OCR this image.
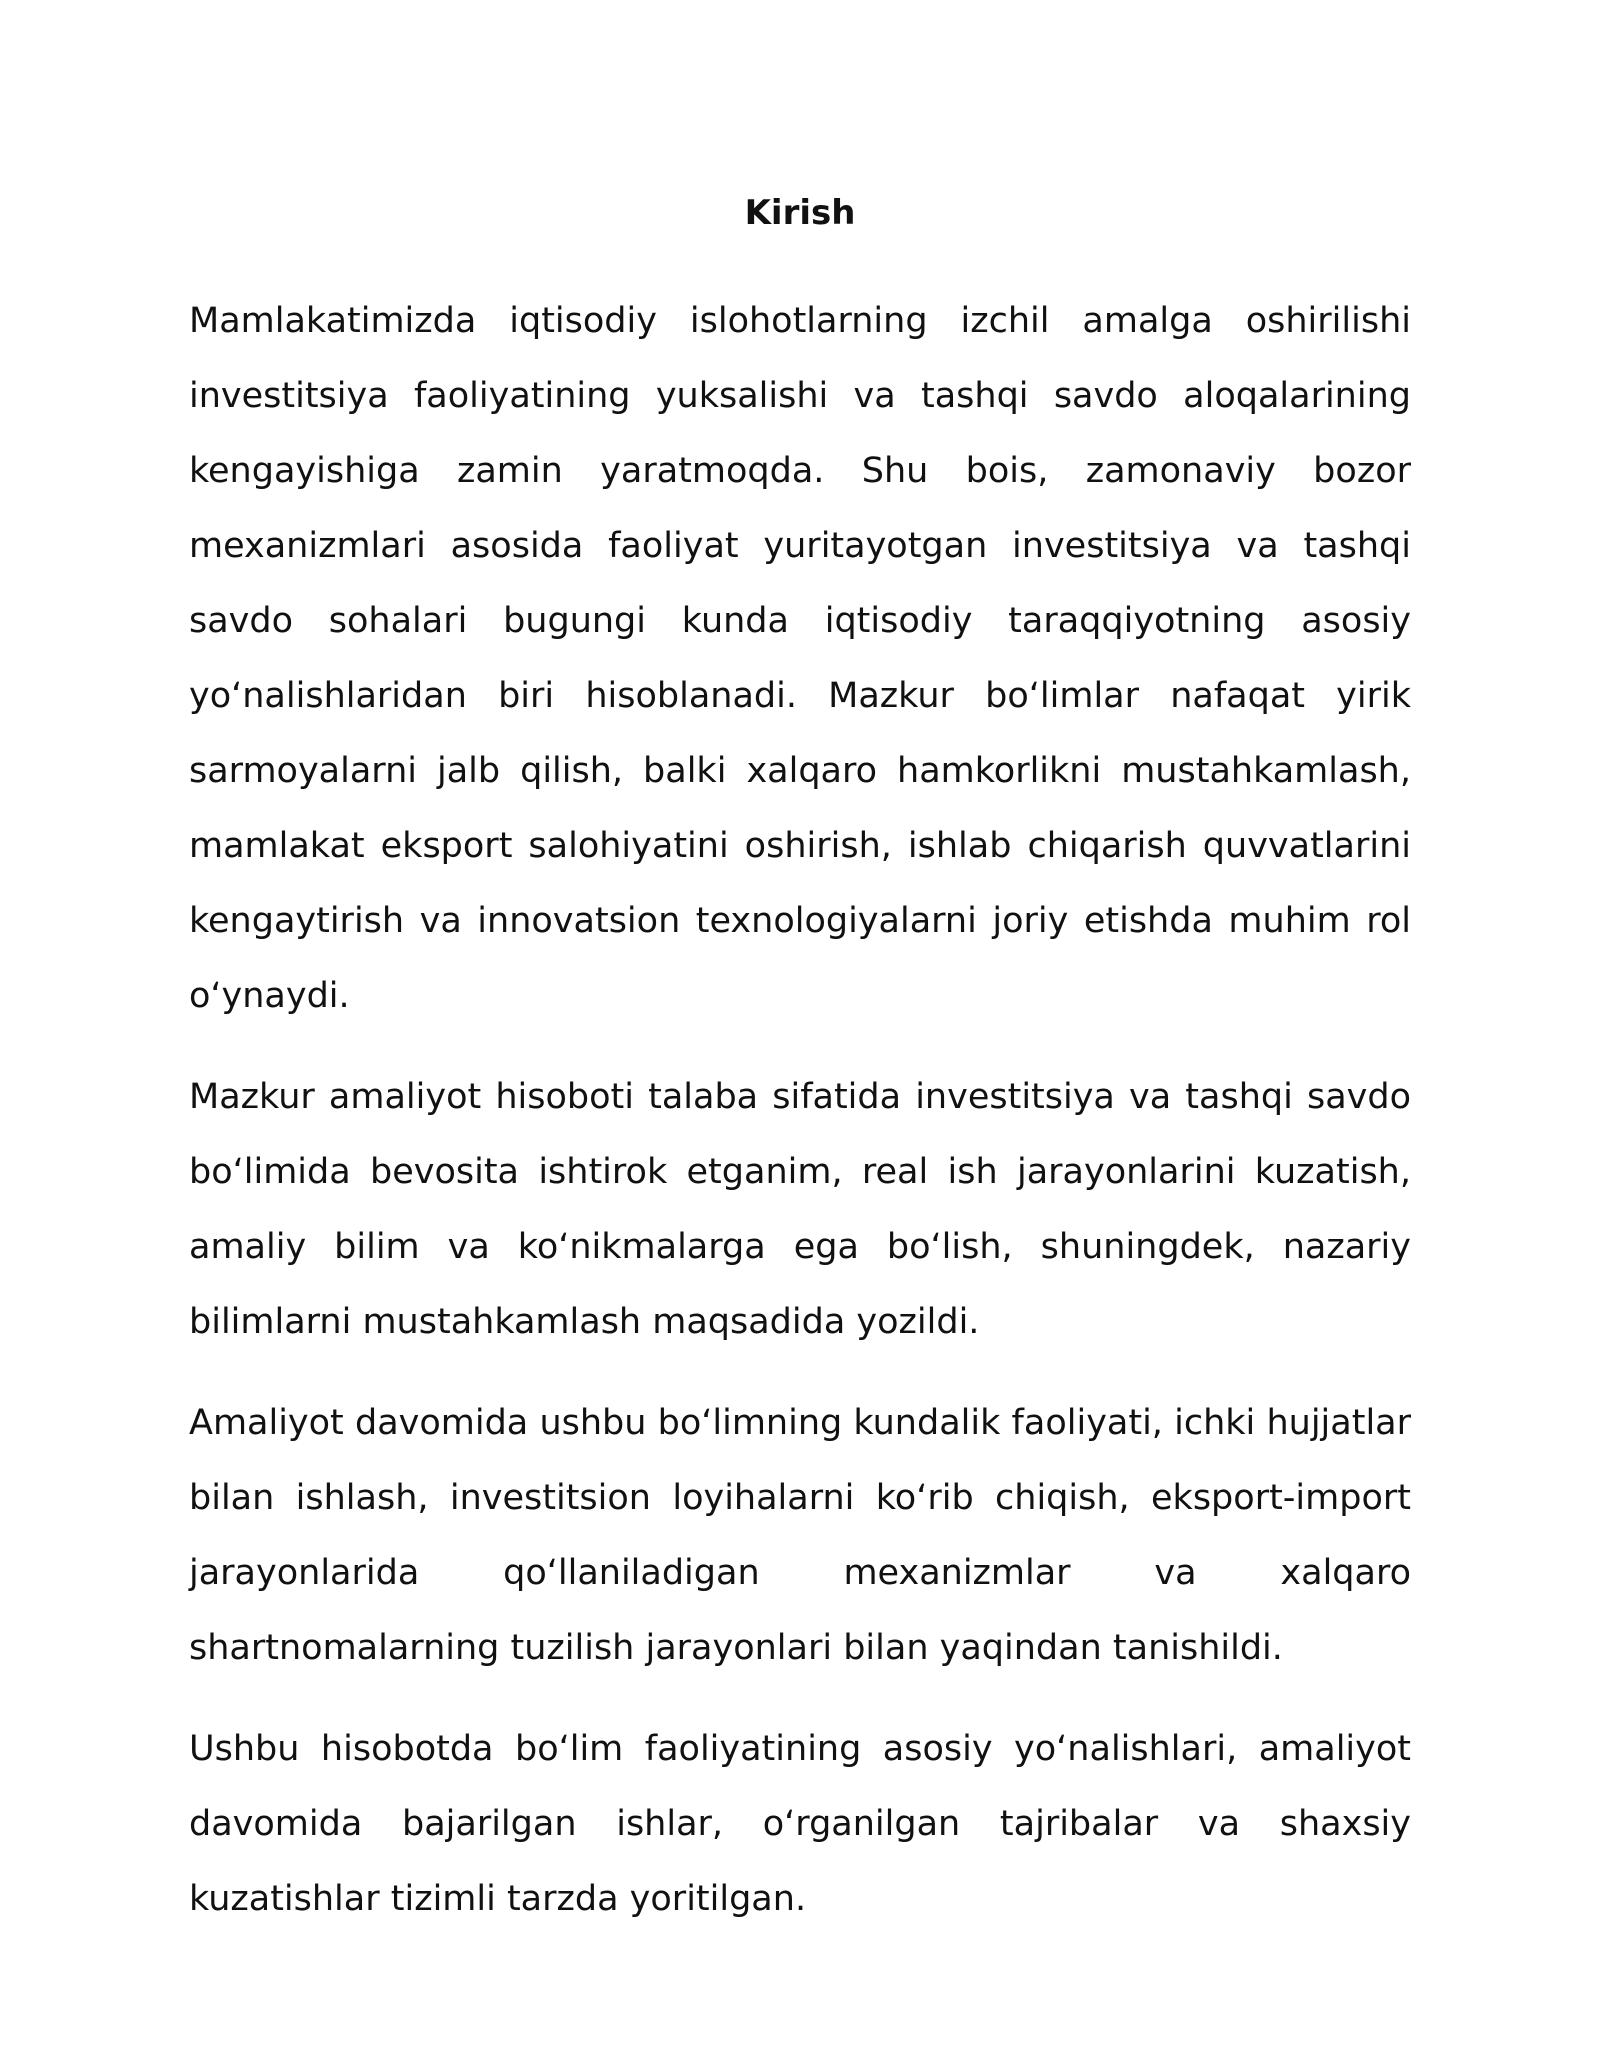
Kirish

Mamlakatimizda iqtisodiy islohotlarning izchil amalga oshirilishi investitsiya faoliyatining yuksalishi va tashqi savdo aloqalarining kengayishiga zamin yaratmoqda. Shu bois, zamonaviy bozor mexanizmlari asosida faoliyat yuritayotgan investitsiya va tashqi savdo sohalari bugungi kunda iqtisodiy taraqqiyotning asosiy yoʻnalishlaridan biri hisoblanadi. Mazkur boʻlimlar nafaqat yirik sarmoyalarni jalb qilish, balki xalqaro hamkorlikni mustahkamlash, mamlakat eksport salohiyatini oshirish, ishlab chiqarish quvvatlarini kengaytirish va innovatsion texnologiyalarni joriy etishda muhim rol oʻynaydi.

Mazkur amaliyot hisoboti talaba sifatida investitsiya va tashqi savdo boʻlimida bevosita ishtirok etganim, real ish jarayonlarini kuzatish, amaliy bilim va koʻnikmalarga ega boʻlish, shuningdek, nazariy bilimlarni mustahkamlash maqsadida yozildi.

Amaliyot davomida ushbu boʻlimning kundalik faoliyati, ichki hujjatlar bilan ishlash, investitsion loyihalarni koʻrib chiqish, eksport-import jarayonlarida qoʻllaniladigan mexanizmlar va xalqaro shartnomalarning tuzilish jarayonlari bilan yaqindan tanishildi.

Ushbu hisobotda boʻlim faoliyatining asosiy yoʻnalishlari, amaliyot davomida bajarilgan ishlar, oʻrganilgan tajribalar va shaxsiy kuzatishlar tizimli tarzda yoritilgan.
